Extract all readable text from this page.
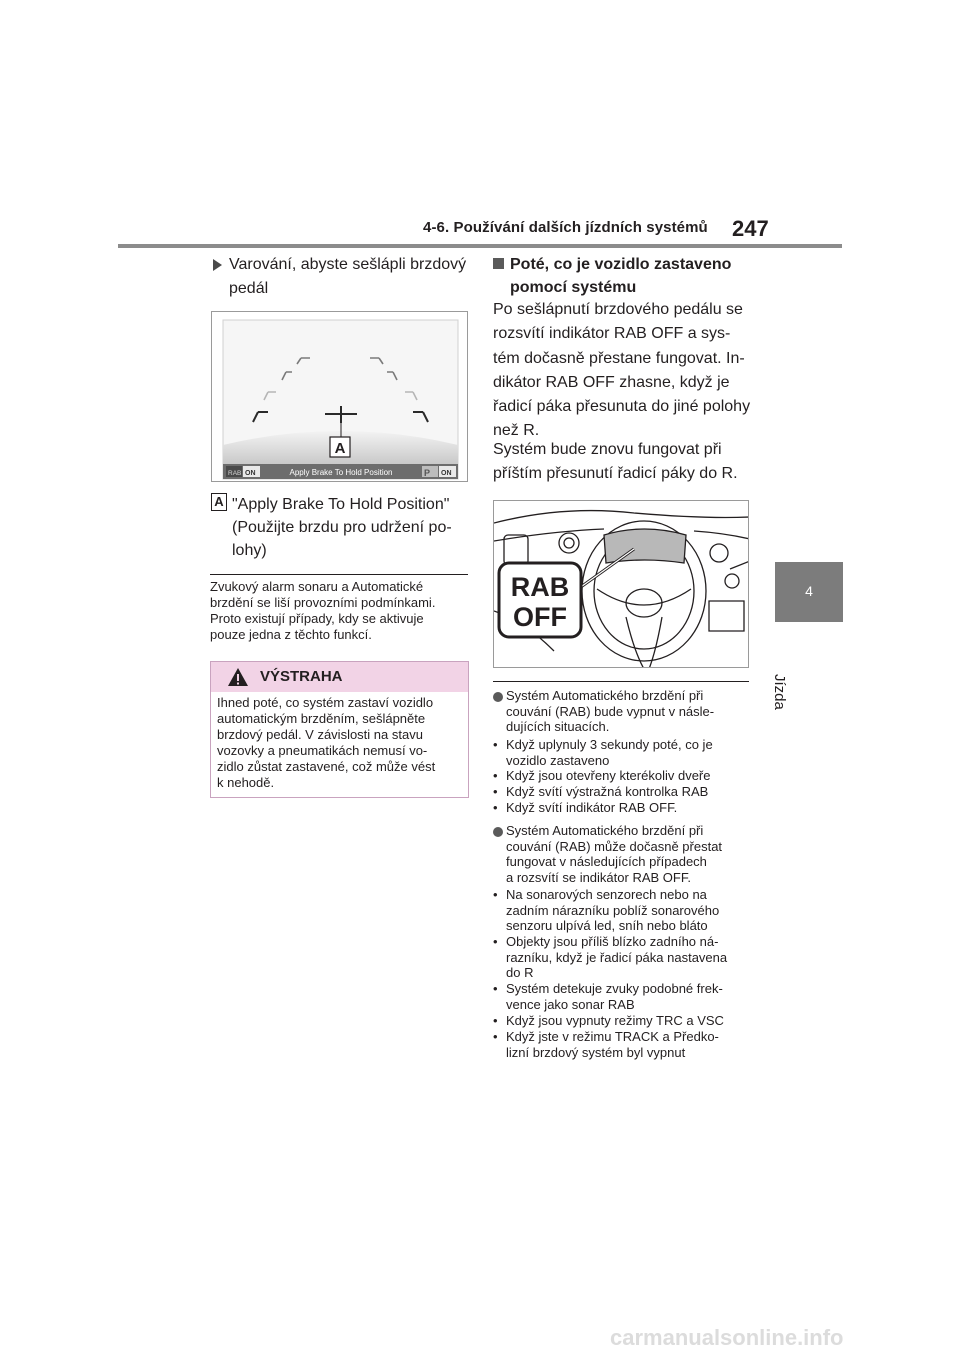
4-6. Používání dalších jízdních systémů 247
4
Jízda
Varování, abyste sešlápli brzdový
pedál
A
RAB ON	Apply Brake To Hold Position	P ON
A "Apply Brake To Hold Position"
(Použijte brzdu pro udržení po-
lohy)
Zvukový alarm sonaru a Automatické
brzdění se liší provozními podmínkami.
Proto existují případy, kdy se aktivuje
pouze jedna z těchto funkcí.
VÝSTRAHA
Ihned poté, co systém zastaví vozidlo
automatickým brzděním, sešlápněte
brzdový pedál. V závislosti na stavu
vozovky a pneumatikách nemusí vo-
zidlo zůstat zastavené, což může vést
k nehodě.
Poté, co je vozidlo zastaveno
pomocí systému
Po sešlápnutí brzdového pedálu se
rozsvítí indikátor RAB OFF a sys-
tém dočasně přestane fungovat. In-
dikátor RAB OFF zhasne, když je
řadicí páka přesunuta do jiné polohy
než R.
Systém bude znovu fungovat při
příštím přesunutí řadicí páky do R.
RAB
OFF
Systém Automatického brzdění při
couvání (RAB) bude vypnut v násle-
dujících situacích.
• Když uplynuly 3 sekundy poté, co je
vozidlo zastaveno
• Když jsou otevřeny kterékoliv dveře
• Když svítí výstražná kontrolka RAB
• Když svítí indikátor RAB OFF.
Systém Automatického brzdění při
couvání (RAB) může dočasně přestat
fungovat v následujících případech
a rozsvítí se indikátor RAB OFF.
• Na sonarových senzorech nebo na
zadním nárazníku poblíž sonarového
senzoru ulpívá led, sníh nebo bláto
• Objekty jsou příliš blízko zadního ná-
razníku, když je řadicí páka nastavena
do R
• Systém detekuje zvuky podobné frek-
vence jako sonar RAB
• Když jsou vypnuty režimy TRC a VSC
• Když jste v režimu TRACK a Předko-
lizní brzdový systém byl vypnut
carmanualsonline.info
